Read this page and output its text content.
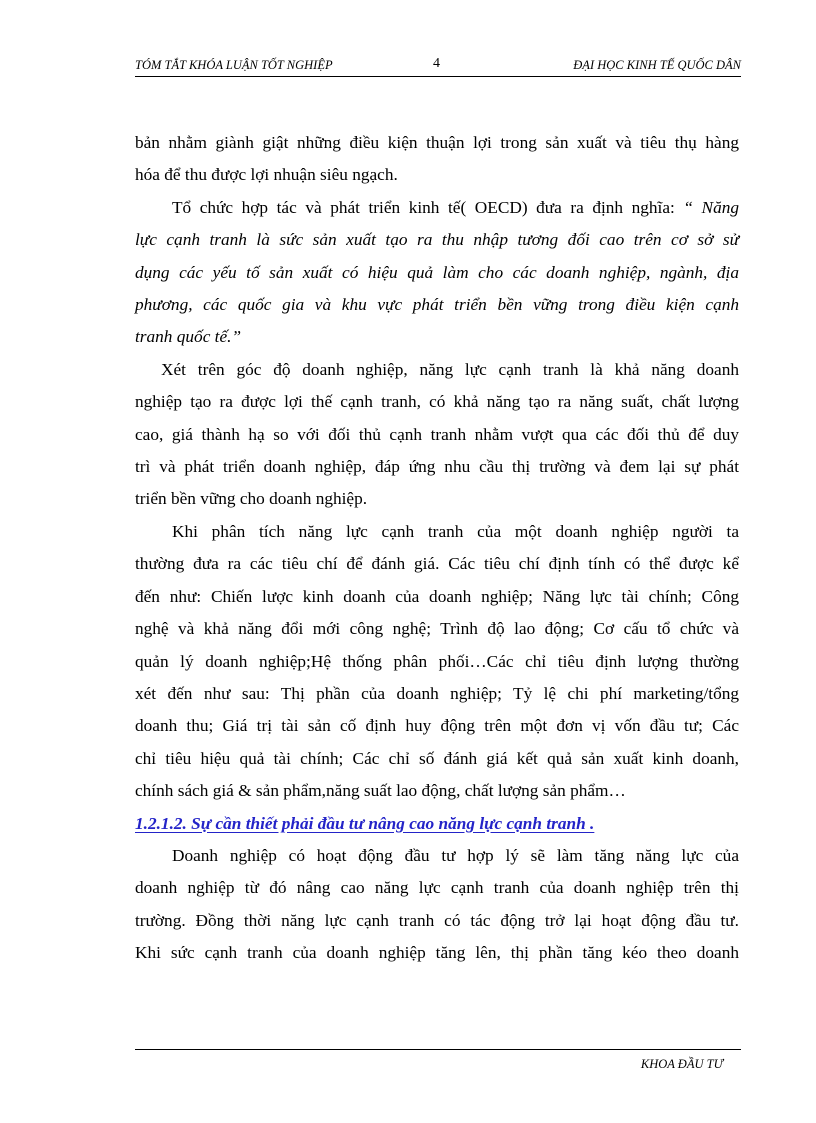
TÓM TẮT KHÓA LUẬN TỐT NGHIỆP	4	ĐẠI HỌC KINH TẾ QUỐC DÂN

bản nhằm giành giật những điều kiện thuận lợi trong sản xuất và tiêu thụ hàng
hóa để thu được lợi nhuận siêu ngạch.

Tổ chức hợp tác và phát triển kinh tế( OECD) đưa ra định nghĩa: “ Năng
lực cạnh tranh là sức sản xuất tạo ra thu nhập tương đối cao trên cơ sở sử
dụng các yếu tố sản xuất có hiệu quả làm cho các doanh nghiệp, ngành, địa
phương, các quốc gia và khu vực phát triển bền vững trong điều kiện cạnh
tranh quốc tế.”

Xét trên góc độ doanh nghiệp, năng lực cạnh tranh là khả năng doanh
nghiệp tạo ra được lợi thế cạnh tranh, có khả năng tạo ra năng suất, chất lượng
cao, giá thành hạ so với đối thủ cạnh tranh nhằm vượt qua các đối thủ để duy
trì và phát triển doanh nghiệp, đáp ứng nhu cầu thị trường và đem lại sự phát
triển bền vững cho doanh nghiệp.

Khi phân tích năng lực cạnh tranh của một doanh nghiệp người ta
thường đưa ra các tiêu chí để đánh giá. Các tiêu chí định tính có thể được kể
đến như: Chiến lược kinh doanh của doanh nghiệp; Năng lực tài chính; Công
nghệ và khả năng đổi mới công nghệ; Trình độ lao động; Cơ cấu tổ chức và
quản lý doanh nghiệp;Hệ thống phân phối…Các chỉ tiêu định lượng thường
xét đến như sau: Thị phần của doanh nghiệp; Tỷ lệ chi phí marketing/tổng
doanh thu; Giá trị tài sản cố định huy động trên một đơn vị vốn đầu tư; Các
chỉ tiêu hiệu quả tài chính; Các chỉ số đánh giá kết quả sản xuất kinh doanh,
chính sách giá & sản phẩm,năng suất lao động, chất lượng sản phẩm…

1.2.1.2. Sự cần thiết phải đầu tư nâng cao năng lực cạnh tranh .

Doanh nghiệp có hoạt động đầu tư hợp lý sẽ làm tăng năng lực của
doanh nghiệp từ đó nâng cao năng lực cạnh tranh của doanh nghiệp trên thị
trường. Đồng thời năng lực cạnh tranh có tác động trở lại hoạt động đầu tư.
Khi sức cạnh tranh của doanh nghiệp tăng lên, thị phần tăng kéo theo doanh

KHOA ĐẦU TƯ
